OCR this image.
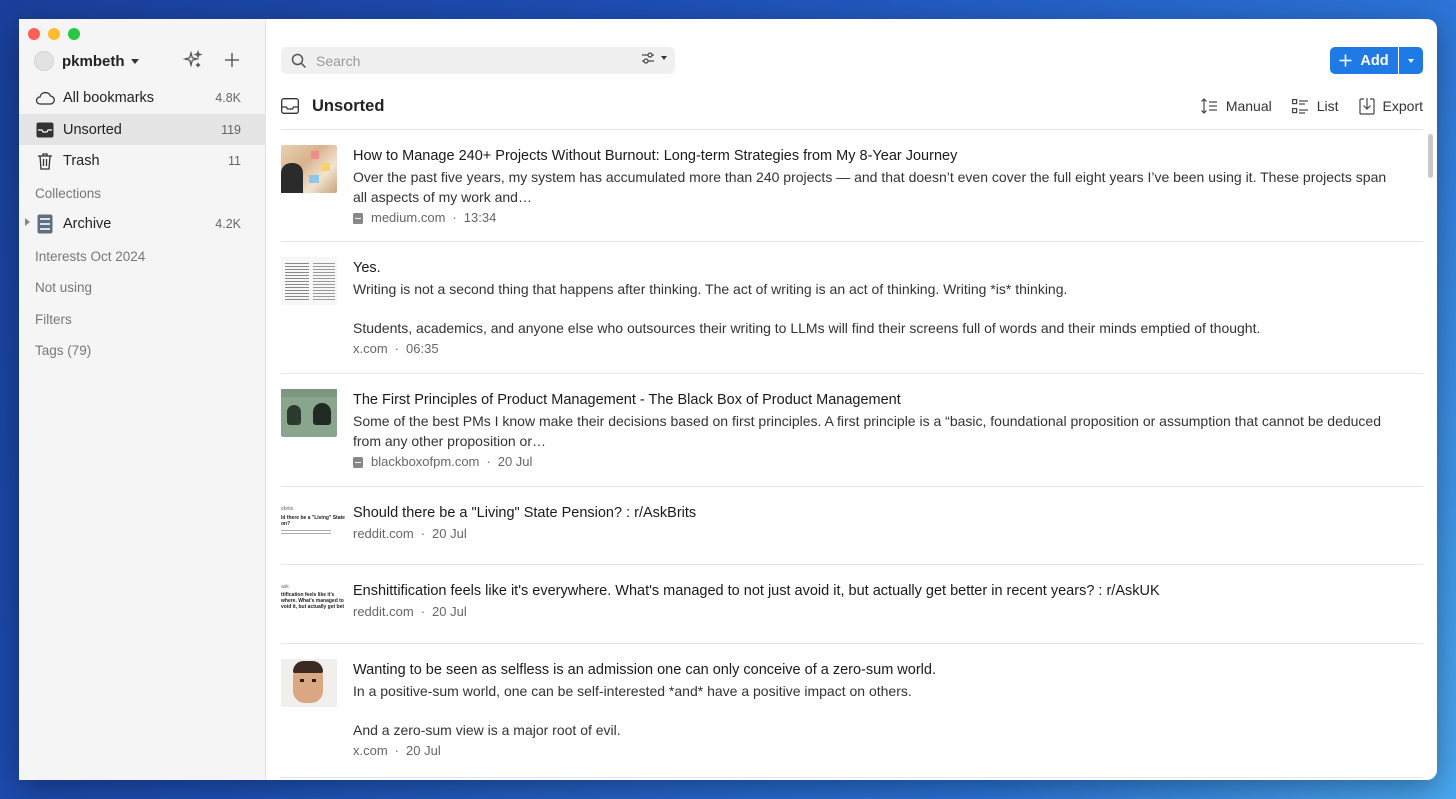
pkmbeth
All bookmarks	4.8K
Unsorted	119
Trash	11
Collections
Archive	4.2K
Interests Oct 2024
Not using
Filters
Tags (79)
Search
Add
Unsorted	Manual	List	Export
How to Manage 240+ Projects Without Burnout: Long-term Strategies from My 8-Year Journey
Over the past five years, my system has accumulated more than 240 projects — and that doesn’t even cover the full eight years I’ve been using it. These projects span all aspects of my work and…
medium.com · 13:34
Yes.
Writing is not a second thing that happens after thinking. The act of writing is an act of thinking. Writing *is* thinking.
Students, academics, and anyone else who outsources their writing to LLMs will find their screens full of words and their minds emptied of thought.
x.com · 06:35
The First Principles of Product Management - The Black Box of Product Management
Some of the best PMs I know make their decisions based on first principles. A first principle is a “basic, foundational proposition or assumption that cannot be deduced from any other proposition or…
blackboxofpm.com · 20 Jul
ebrits
ld there be a "Living" State
on?
Should there be a "Living" State Pension? : r/AskBrits
reddit.com · 20 Jul
ask
ttification feels like it's
where. What's managed to
void it, but actually get bet
Enshittification feels like it's everywhere. What's managed to not just avoid it, but actually get better in recent years? : r/AskUK
reddit.com · 20 Jul
Wanting to be seen as selfless is an admission one can only conceive of a zero-sum world.
In a positive-sum world, one can be self-interested *and* have a positive impact on others.
And a zero-sum view is a major root of evil.
x.com · 20 Jul
